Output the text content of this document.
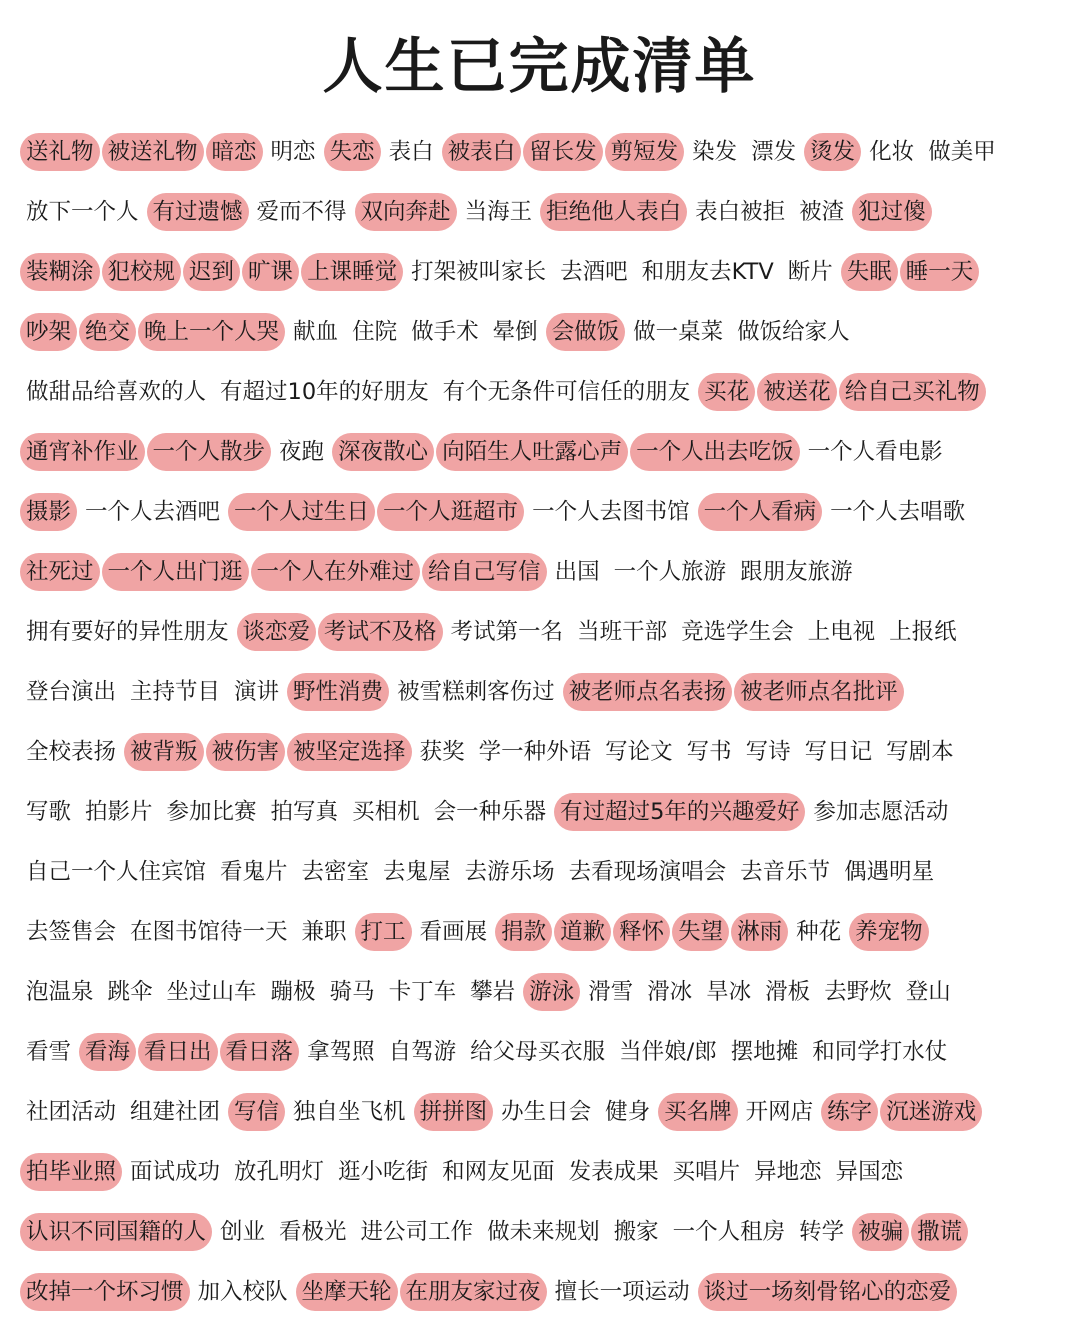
人生已完成清单
送礼物 被送礼物 暗恋 明恋 失恋 表白 被表白 留长发 剪短发 染发 漂发 烫发 化妆 做美甲
放下一个人 有过遗憾 爱而不得 双向奔赴 当海王 拒绝他人表白 表白被拒 被渣 犯过傻
装糊涂 犯校规 迟到 旷课 上课睡觉 打架被叫家长 去酒吧 和朋友去KTV 断片 失眠 睡一天
吵架 绝交 晚上一个人哭 献血 住院 做手术 晕倒 会做饭 做一桌菜 做饭给家人
做甜品给喜欢的人 有超过10年的好朋友 有个无条件可信任的朋友 买花 被送花 给自己买礼物
通宵补作业 一个人散步 夜跑 深夜散心 向陌生人吐露心声 一个人出去吃饭 一个人看电影
摄影 一个人去酒吧 一个人过生日 一个人逛超市 一个人去图书馆 一个人看病 一个人去唱歌
社死过 一个人出门逛 一个人在外难过 给自己写信 出国 一个人旅游 跟朋友旅游
拥有要好的异性朋友 谈恋爱 考试不及格 考试第一名 当班干部 竞选学生会 上电视 上报纸
登台演出 主持节目 演讲 野性消费 被雪糕刺客伤过 被老师点名表扬 被老师点名批评
全校表扬 被背叛 被伤害 被坚定选择 获奖 学一种外语 写论文 写书 写诗 写日记 写剧本
写歌 拍影片 参加比赛 拍写真 买相机 会一种乐器 有过超过5年的兴趣爱好 参加志愿活动
自己一个人住宾馆 看鬼片 去密室 去鬼屋 去游乐场 去看现场演唱会 去音乐节 偶遇明星
去签售会 在图书馆待一天 兼职 打工 看画展 捐款 道歉 释怀 失望 淋雨 种花 养宠物
泡温泉 跳伞 坐过山车 蹦极 骑马 卡丁车 攀岩 游泳 滑雪 滑冰 旱冰 滑板 去野炊 登山
看雪 看海 看日出 看日落 拿驾照 自驾游 给父母买衣服 当伴娘/郎 摆地摊 和同学打水仗
社团活动 组建社团 写信 独自坐飞机 拼拼图 办生日会 健身 买名牌 开网店 练字 沉迷游戏
拍毕业照 面试成功 放孔明灯 逛小吃街 和网友见面 发表成果 买唱片 异地恋 异国恋
认识不同国籍的人 创业 看极光 进公司工作 做未来规划 搬家 一个人租房 转学 被骗 撒谎
改掉一个坏习惯 加入校队 坐摩天轮 在朋友家过夜 擅长一项运动 谈过一场刻骨铭心的恋爱
